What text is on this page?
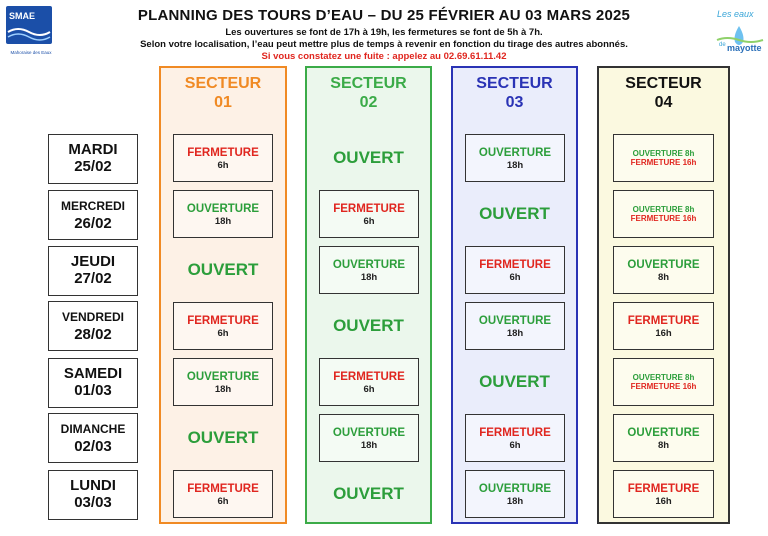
PLANNING DES TOURS D’EAU – DU 25 FÉVRIER AU 03 MARS 2025
Les ouvertures se font de 17h à 19h, les fermetures se font de 5h à 7h.
Selon votre localisation, l’eau peut mettre plus de temps à revenir en fonction du tirage des autres abonnés.
Si vous constatez une fuite : appelez au 02.69.61.11.42
SMAE
Mahoraise des Eaux
Les eaux
de mayotte
MARDI
25/02
MERCREDI
26/02
JEUDI
27/02
VENDREDI
28/02
SAMEDI
01/03
DIMANCHE
02/03
LUNDI
03/03
SECTEUR
01
FERMETURE
6h
OUVERTURE
18h
OUVERT
FERMETURE
6h
OUVERTURE
18h
OUVERT
FERMETURE
6h
SECTEUR
02
OUVERT
FERMETURE
6h
OUVERTURE
18h
OUVERT
FERMETURE
6h
OUVERTURE
18h
OUVERT
SECTEUR
03
OUVERTURE
18h
OUVERT
FERMETURE
6h
OUVERTURE
18h
OUVERT
FERMETURE
6h
OUVERTURE
18h
SECTEUR
04
OUVERTURE 8h
FERMETURE 16h
OUVERTURE 8h
FERMETURE 16h
OUVERTURE
8h
FERMETURE
16h
OUVERTURE 8h
FERMETURE 16h
OUVERTURE
8h
FERMETURE
16h
